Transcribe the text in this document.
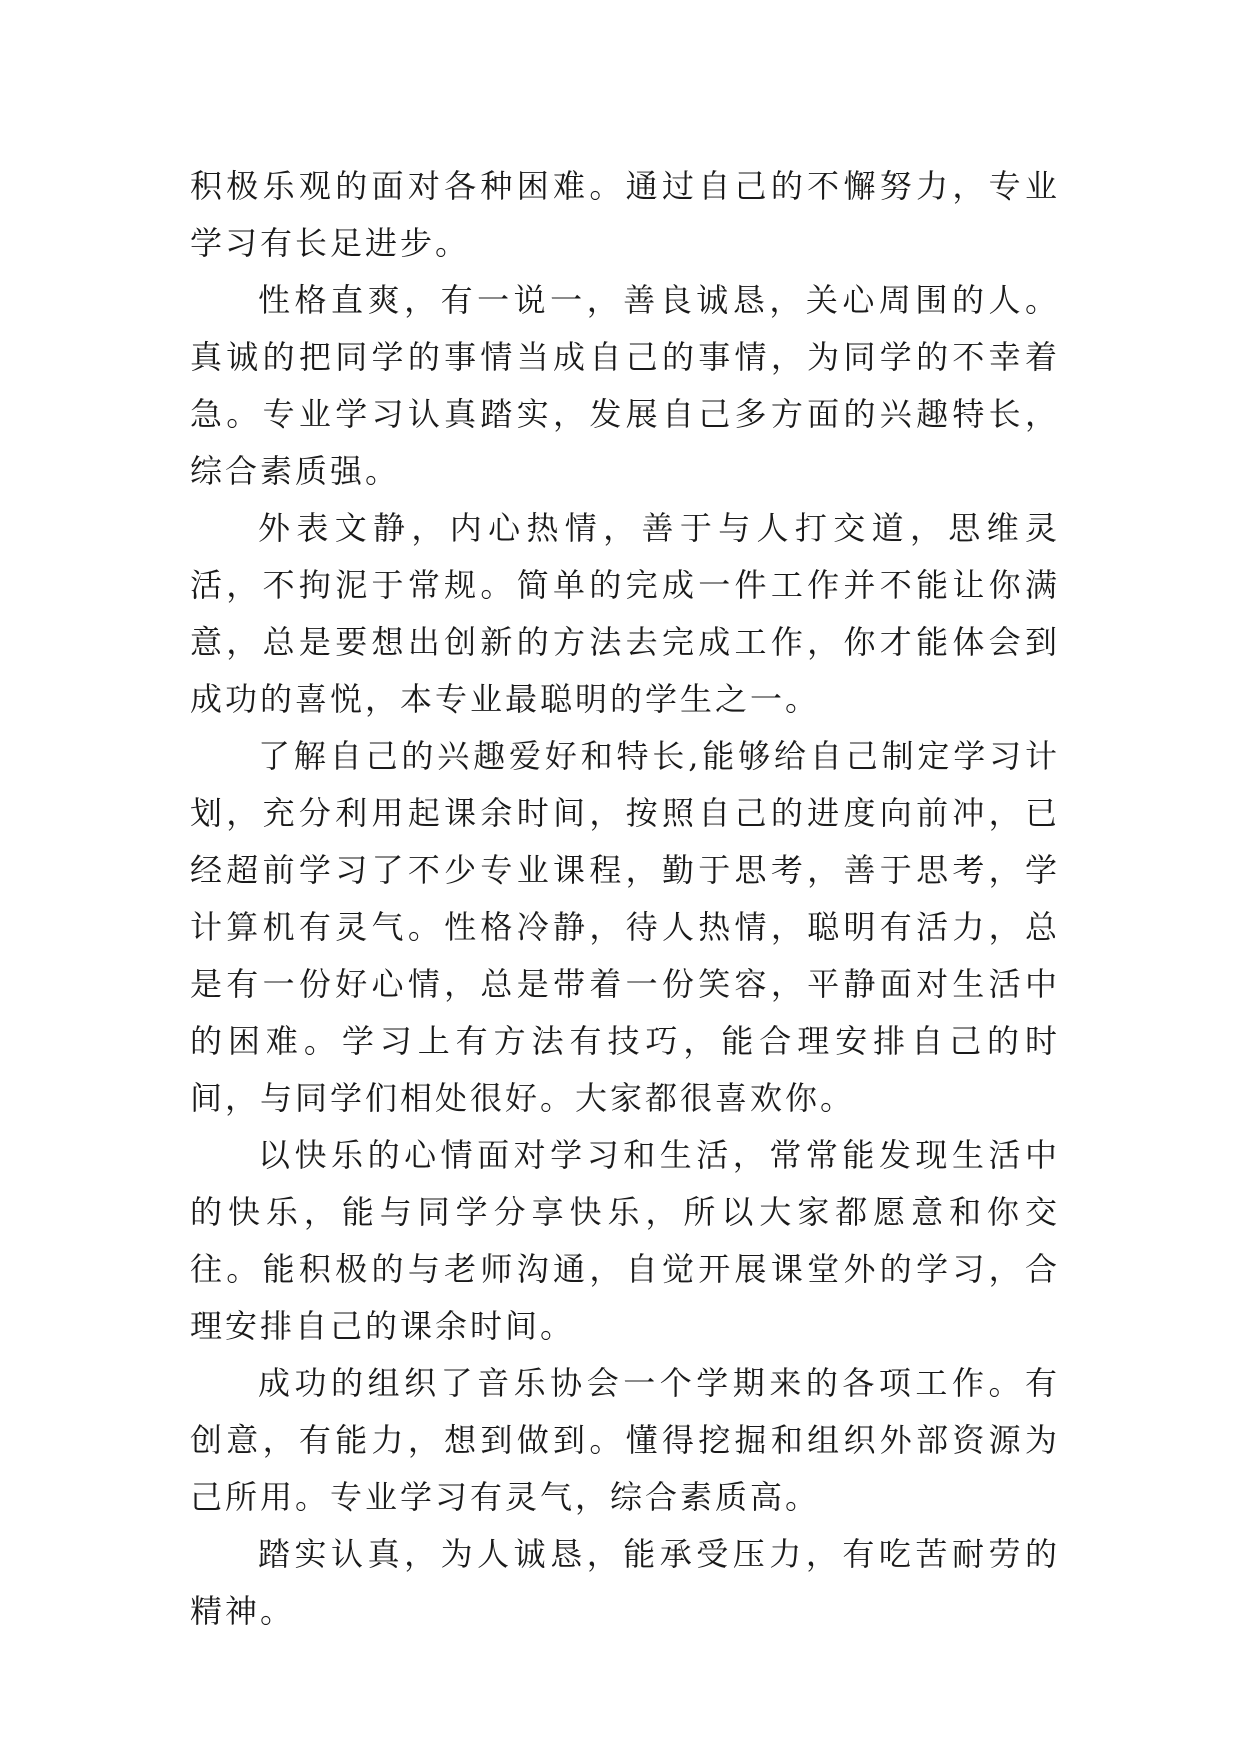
积极乐观的面对各种困难。通过自己的不懈努力，专业学习有长足进步。

性格直爽，有一说一，善良诚恳，关心周围的人。真诚的把同学的事情当成自己的事情，为同学的不幸着急。专业学习认真踏实，发展自己多方面的兴趣特长，综合素质强。

外表文静，内心热情，善于与人打交道，思维灵活，不拘泥于常规。简单的完成一件工作并不能让你满意，总是要想出创新的方法去完成工作，你才能体会到成功的喜悦，本专业最聪明的学生之一。

了解自己的兴趣爱好和特长,能够给自己制定学习计划，充分利用起课余时间，按照自己的进度向前冲，已经超前学习了不少专业课程，勤于思考，善于思考，学计算机有灵气。性格冷静，待人热情，聪明有活力，总是有一份好心情，总是带着一份笑容，平静面对生活中的困难。学习上有方法有技巧，能合理安排自己的时间，与同学们相处很好。大家都很喜欢你。

以快乐的心情面对学习和生活，常常能发现生活中的快乐，能与同学分享快乐，所以大家都愿意和你交往。能积极的与老师沟通，自觉开展课堂外的学习，合理安排自己的课余时间。

成功的组织了音乐协会一个学期来的各项工作。有创意，有能力，想到做到。懂得挖掘和组织外部资源为己所用。专业学习有灵气，综合素质高。

踏实认真，为人诚恳，能承受压力，有吃苦耐劳的精神。
